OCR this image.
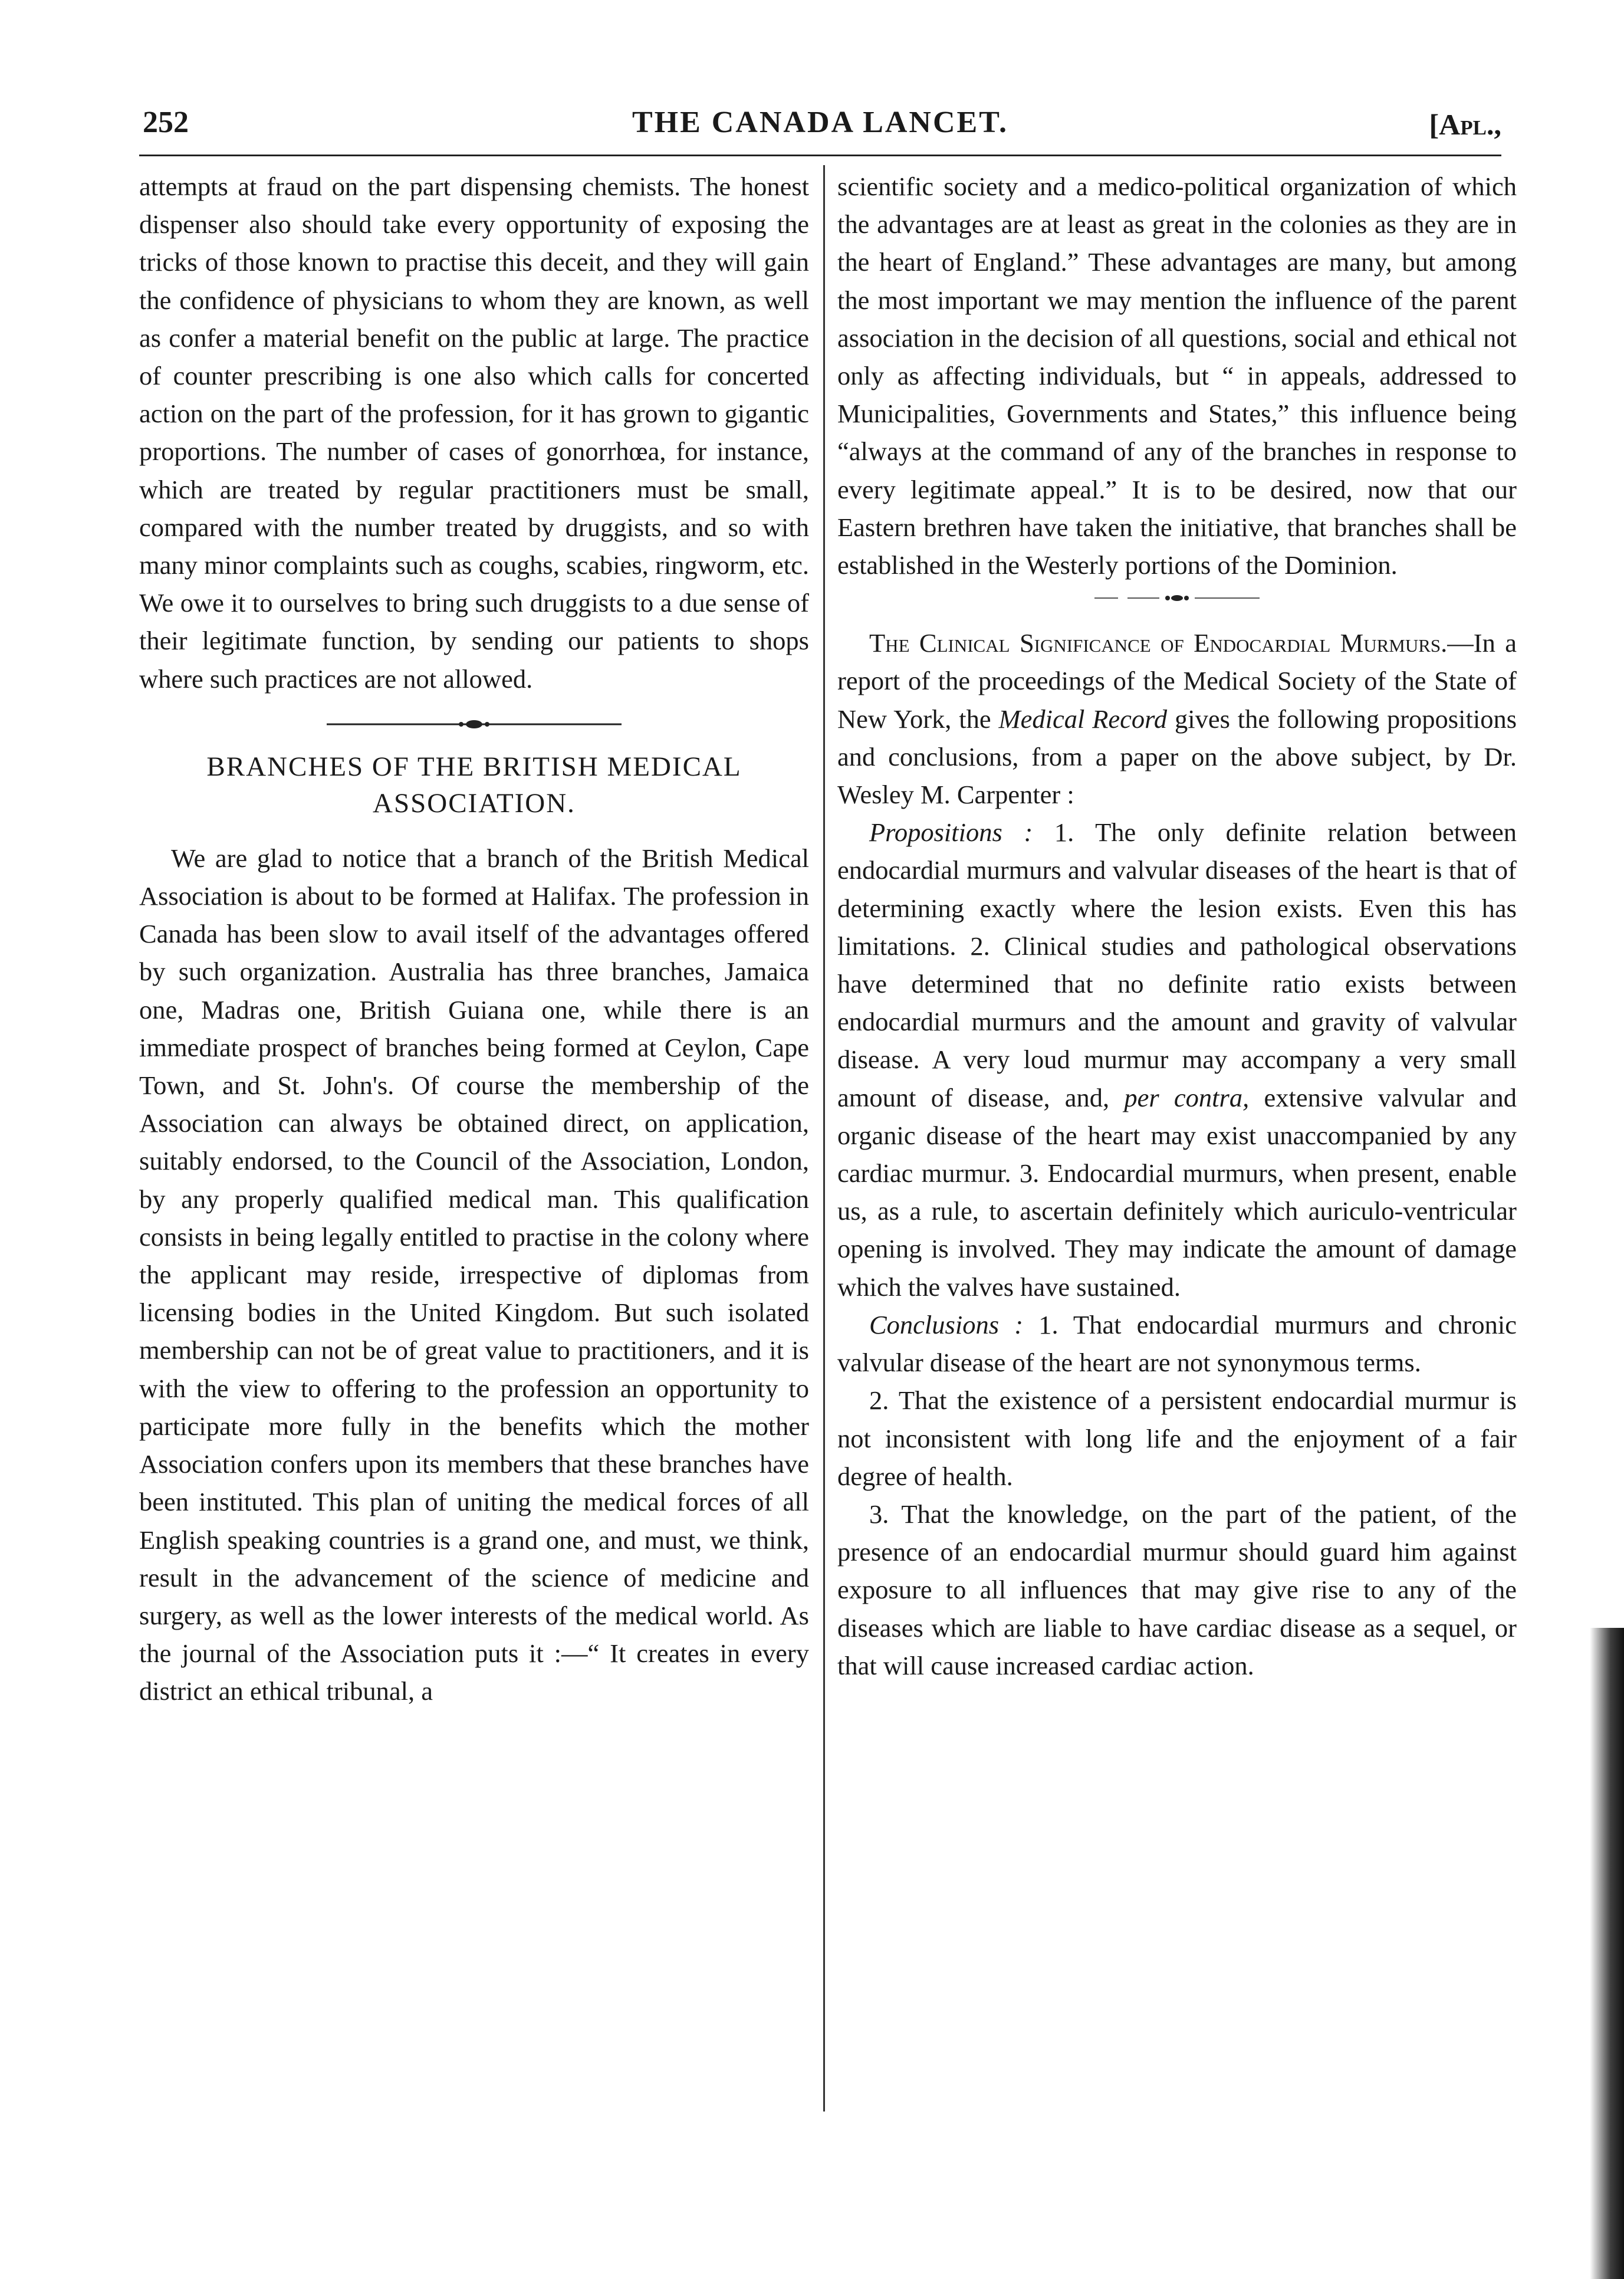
252	THE CANADA LANCET.	[Apl.,

attempts at fraud on the part dispensing chemists. The honest dispenser also should take every opportunity of exposing the tricks of those known to practise this deceit, and they will gain the confidence of physicians to whom they are known, as well as confer a material benefit on the public at large. The practice of counter prescribing is one also which calls for concerted action on the part of the profession, for it has grown to gigantic proportions. The number of cases of gonorrhœa, for instance, which are treated by regular practitioners must be small, compared with the number treated by druggists, and so with many minor complaints such as coughs, scabies, ringworm, etc. We owe it to ourselves to bring such druggists to a due sense of their legitimate function, by sending our patients to shops where such practices are not allowed.

BRANCHES OF THE BRITISH MEDICAL ASSOCIATION.

We are glad to notice that a branch of the British Medical Association is about to be formed at Halifax. The profession in Canada has been slow to avail itself of the advantages offered by such organization. Australia has three branches, Jamaica one, Madras one, British Guiana one, while there is an immediate prospect of branches being formed at Ceylon, Cape Town, and St. John's. Of course the membership of the Association can always be obtained direct, on application, suitably endorsed, to the Council of the Association, London, by any properly qualified medical man. This qualification consists in being legally entitled to practise in the colony where the applicant may reside, irrespective of diplomas from licensing bodies in the United Kingdom. But such isolated membership can not be of great value to practitioners, and it is with the view to offering to the profession an opportunity to participate more fully in the benefits which the mother Association confers upon its members that these branches have been instituted. This plan of uniting the medical forces of all English speaking countries is a grand one, and must, we think, result in the advancement of the science of medicine and surgery, as well as the lower interests of the medical world. As the journal of the Association puts it :—“ It creates in every district an ethical tribunal, a

scientific society and a medico-political organization of which the advantages are at least as great in the colonies as they are in the heart of England.” These advantages are many, but among the most important we may mention the influence of the parent association in the decision of all questions, social and ethical not only as affecting individuals, but “ in appeals, addressed to Municipalities, Governments and States,” this influence being “always at the command of any of the branches in response to every legitimate appeal.” It is to be desired, now that our Eastern brethren have taken the initiative, that branches shall be established in the Westerly portions of the Dominion.

The Clinical Significance of Endocardial Murmurs.—In a report of the proceedings of the Medical Society of the State of New York, the Medical Record gives the following propositions and conclusions, from a paper on the above subject, by Dr. Wesley M. Carpenter :

Propositions : 1. The only definite relation between endocardial murmurs and valvular diseases of the heart is that of determining exactly where the lesion exists. Even this has limitations. 2. Clinical studies and pathological observations have determined that no definite ratio exists between endocardial murmurs and the amount and gravity of valvular disease. A very loud murmur may accompany a very small amount of disease, and, per contra, extensive valvular and organic disease of the heart may exist unaccompanied by any cardiac murmur. 3. Endocardial murmurs, when present, enable us, as a rule, to ascertain definitely which auriculo-ventricular opening is involved. They may indicate the amount of damage which the valves have sustained.

Conclusions : 1. That endocardial murmurs and chronic valvular disease of the heart are not synonymous terms.

2. That the existence of a persistent endocardial murmur is not inconsistent with long life and the enjoyment of a fair degree of health.

3. That the knowledge, on the part of the patient, of the presence of an endocardial murmur should guard him against exposure to all influences that may give rise to any of the diseases which are liable to have cardiac disease as a sequel, or that will cause increased cardiac action.
